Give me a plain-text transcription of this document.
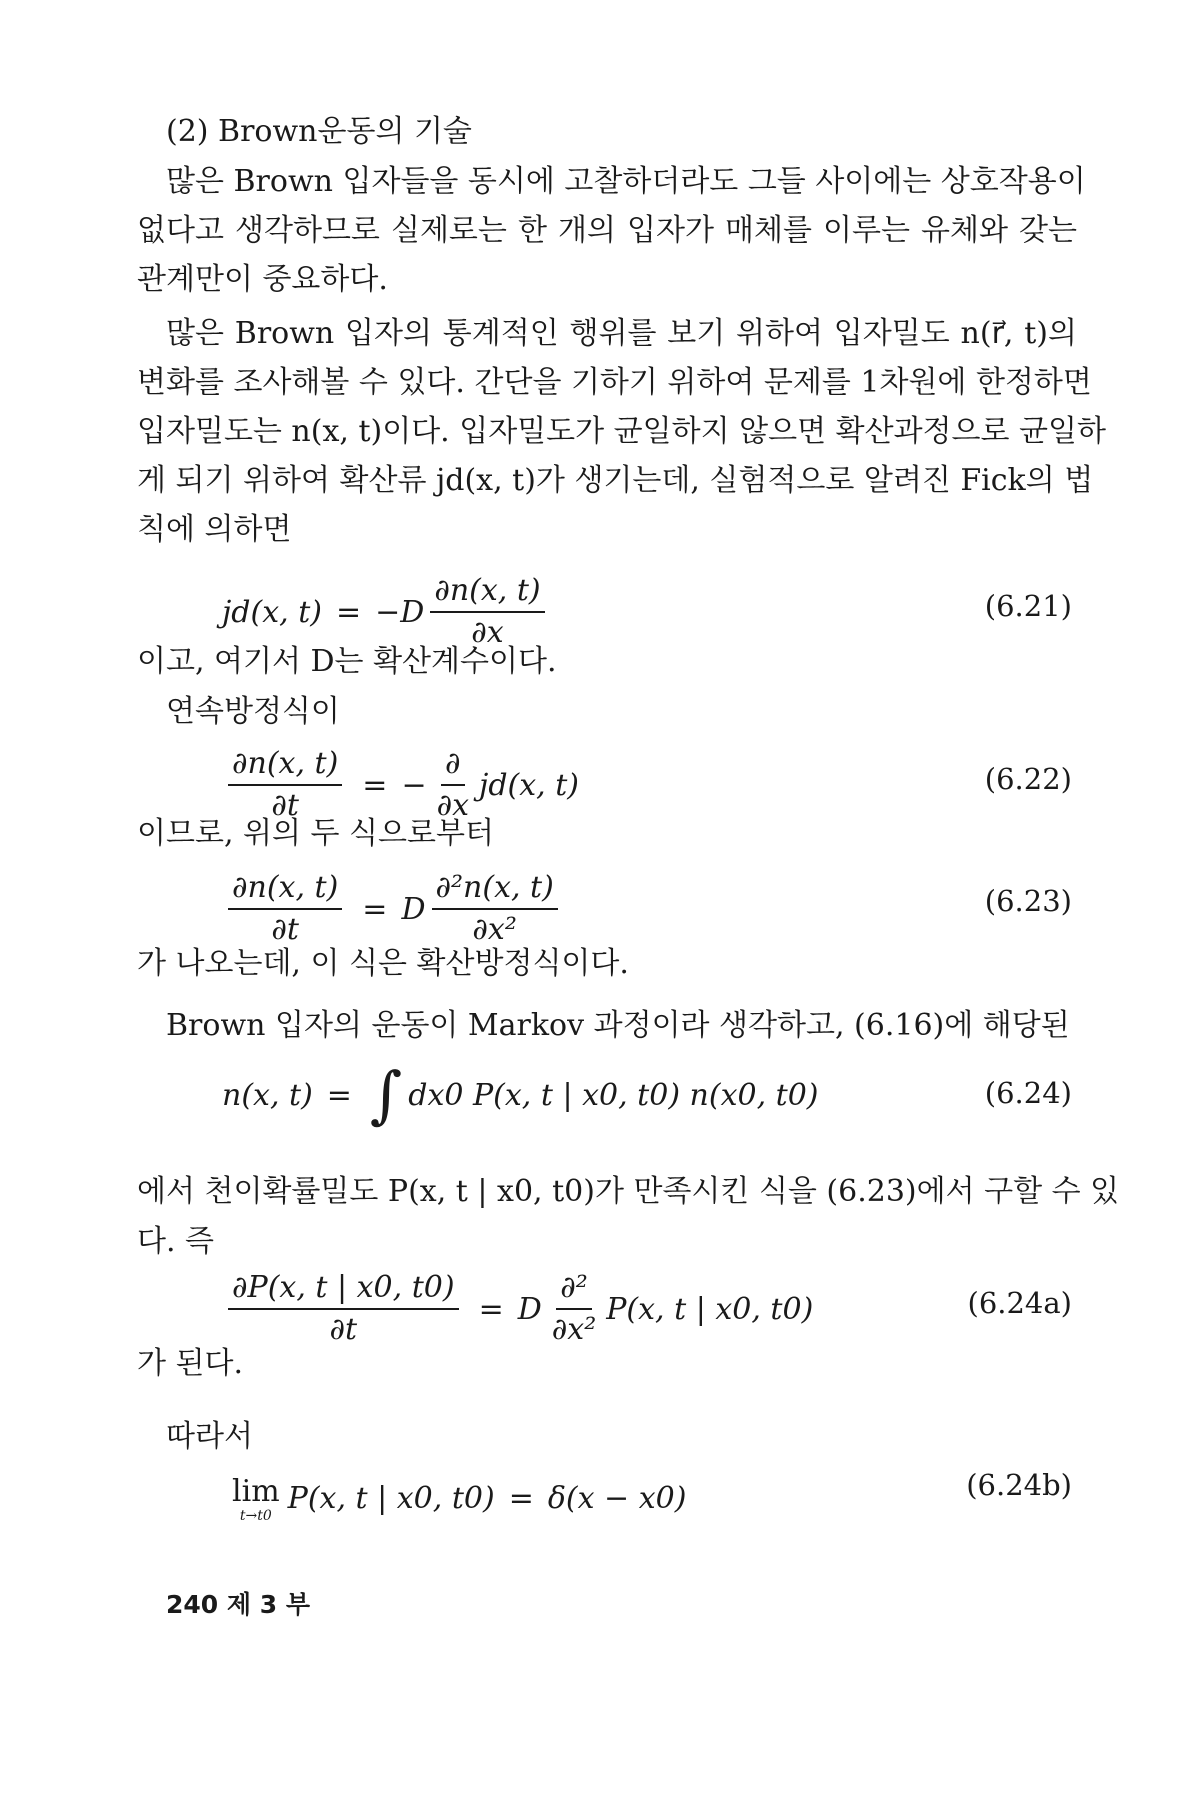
(2) Brown운동의 기술
많은 Brown 입자들을 동시에 고찰하더라도 그들 사이에는 상호작용이
없다고 생각하므로 실제로는 한 개의 입자가 매체를 이루는 유체와 갖는
관계만이 중요하다.
많은 Brown 입자의 통계적인 행위를 보기 위하여 입자밀도 n(r⃗, t)의
변화를 조사해볼 수 있다. 간단을 기하기 위하여 문제를 1차원에 한정하면
입자밀도는 n(x, t)이다. 입자밀도가 균일하지 않으면 확산과정으로 균일하
게 되기 위하여 확산류 jd(x, t)가 생기는데, 실험적으로 알려진 Fick의 법
칙에 의하면
jd(x, $t) = -D \frac{\partial n(x, t)}{\partial x}$	(6.21)
이고, 여기서 D는 확산계수이다.
연속방정식이
$\frac{\partial n(x, t)}{\partial t}$ = − $\frac{\partial}{\partial x} jd(x$, t)	(6.22)
이므로, 위의 두 식으로부터
$\frac{\partial n(x, t)}{\partial t} = D \frac{\text{∂²n(x, t)}}{\text{∂x²}}$	(6.23)
가 나오는데, 이 식은 확산방정식이다.
Brown 입자의 운동이 Markov 과정이라 생각하고, (6.16)에 해당된
n(x, t) = ∫ dx0 P(x, t | x0, t0) n(x0, t0)	(6.24)
에서 천이확률밀도 P(x, t | x0, t0)가 만족시킨 식을 (6.23)에서 구할 수 있
다. 즉
$\frac{\partial P(x, t | x0, t0)}{\partial t} = D \frac{\text{∂²}}{\text{∂x²}} P(x$, t | x0, t0)	(6.24a)
가 된다.
따라서
lim
t→t0 P(x, t | x0, t0) = δ(x − x0)	(6.24b)
240 제 3 부
